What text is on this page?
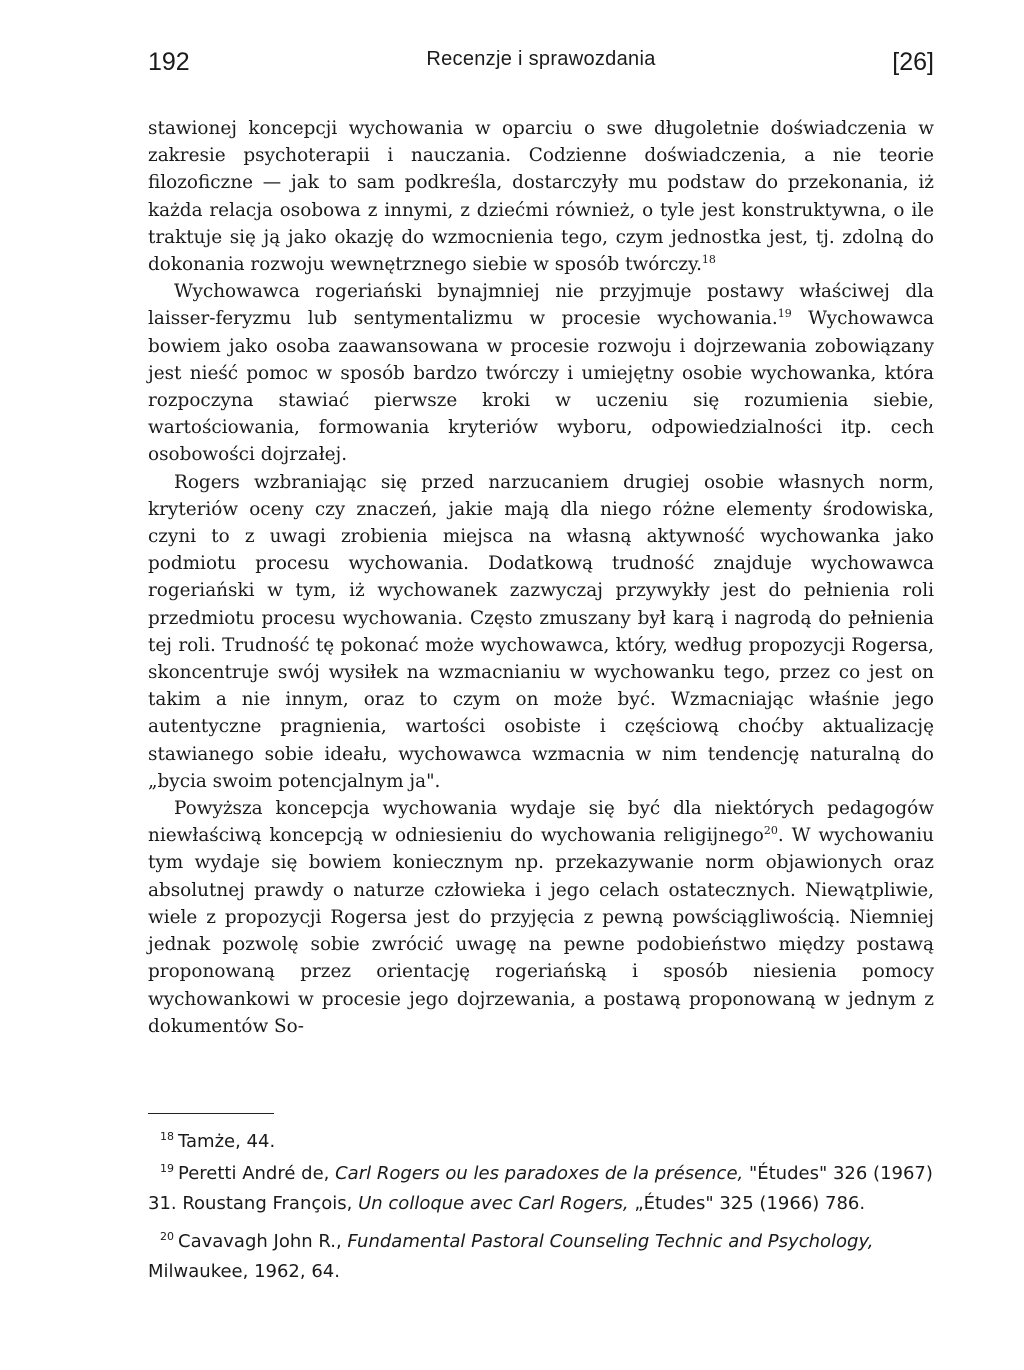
192	Recenzje i sprawozdania	[26]

stawionej koncepcji wychowania w oparciu o swe długoletnie doświadczenia w zakresie psychoterapii i nauczania. Codzienne doświadczenia, a nie teorie filozoficzne — jak to sam podkreśla, dostarczyły mu podstaw do przekonania, iż każda relacja osobowa z innymi, z dziećmi również, o tyle jest konstruktywna, o ile traktuje się ją jako okazję do wzmocnienia tego, czym jednostka jest, tj. zdolną do dokonania rozwoju wewnętrznego siebie w sposób twórczy.$^{18}$

Wychowawca rogeriański bynajmniej nie przyjmuje postawy właściwej dla laisser-feryzmu lub sentymentalizmu w procesie wychowania.$^{19}$ Wychowawca bowiem jako osoba zaawansowana w procesie rozwoju i dojrzewania zobowiązany jest nieść pomoc w sposób bardzo twórczy i umiejętny osobie wychowanka, która rozpoczyna stawiać pierwsze kroki w uczeniu się rozumienia siebie, wartościowania, formowania kryteriów wyboru, odpowiedzialności itp. cech osobowości dojrzałej.

Rogers wzbraniając się przed narzucaniem drugiej osobie własnych norm, kryteriów oceny czy znaczeń, jakie mają dla niego różne elementy środowiska, czyni to z uwagi zrobienia miejsca na własną aktywność wychowanka jako podmiotu procesu wychowania. Dodatkową trudność znajduje wychowawca rogeriański w tym, iż wychowanek zazwyczaj przywykły jest do pełnienia roli przedmiotu procesu wychowania. Często zmuszany był karą i nagrodą do pełnienia tej roli. Trudność tę pokonać może wychowawca, który, według propozycji Rogersa, skoncentruje swój wysiłek na wzmacnianiu w wychowanku tego, przez co jest on takim a nie innym, oraz to czym on może być. Wzmacniając właśnie jego autentyczne pragnienia, wartości osobiste i częściową choćby aktualizację stawianego sobie ideału, wychowawca wzmacnia w nim tendencję naturalną do „bycia swoim potencjalnym ja".

Powyższa koncepcja wychowania wydaje się być dla niektórych pedagogów niewłaściwą koncepcją w odniesieniu do wychowania religijnego$^{20}$. W wychowaniu tym wydaje się bowiem koniecznym np. przekazywanie norm objawionych oraz absolutnej prawdy o naturze człowieka i jego celach ostatecznych. Niewątpliwie, wiele z propozycji Rogersa jest do przyjęcia z pewną powściągliwością. Niemniej jednak pozwolę sobie zwrócić uwagę na pewne podobieństwo między postawą proponowaną przez orientację rogeriańską i sposób niesienia pomocy wychowankowi w procesie jego dojrzewania, a postawą proponowaną w jednym z dokumentów So-

$^{18}$ Tamże, 44.

$^{19}$ Peretti André de, Carl Rogers ou les paradoxes de la présence, "Études" 326 (1967) 31. Roustang François, Un colloque avec Carl Rogers, „Études" 325 (1966) 786.

$^{20}$ Cavavagh John R., Fundamental Pastoral Counseling Technic and Psychology, Milwaukee, 1962, 64.
